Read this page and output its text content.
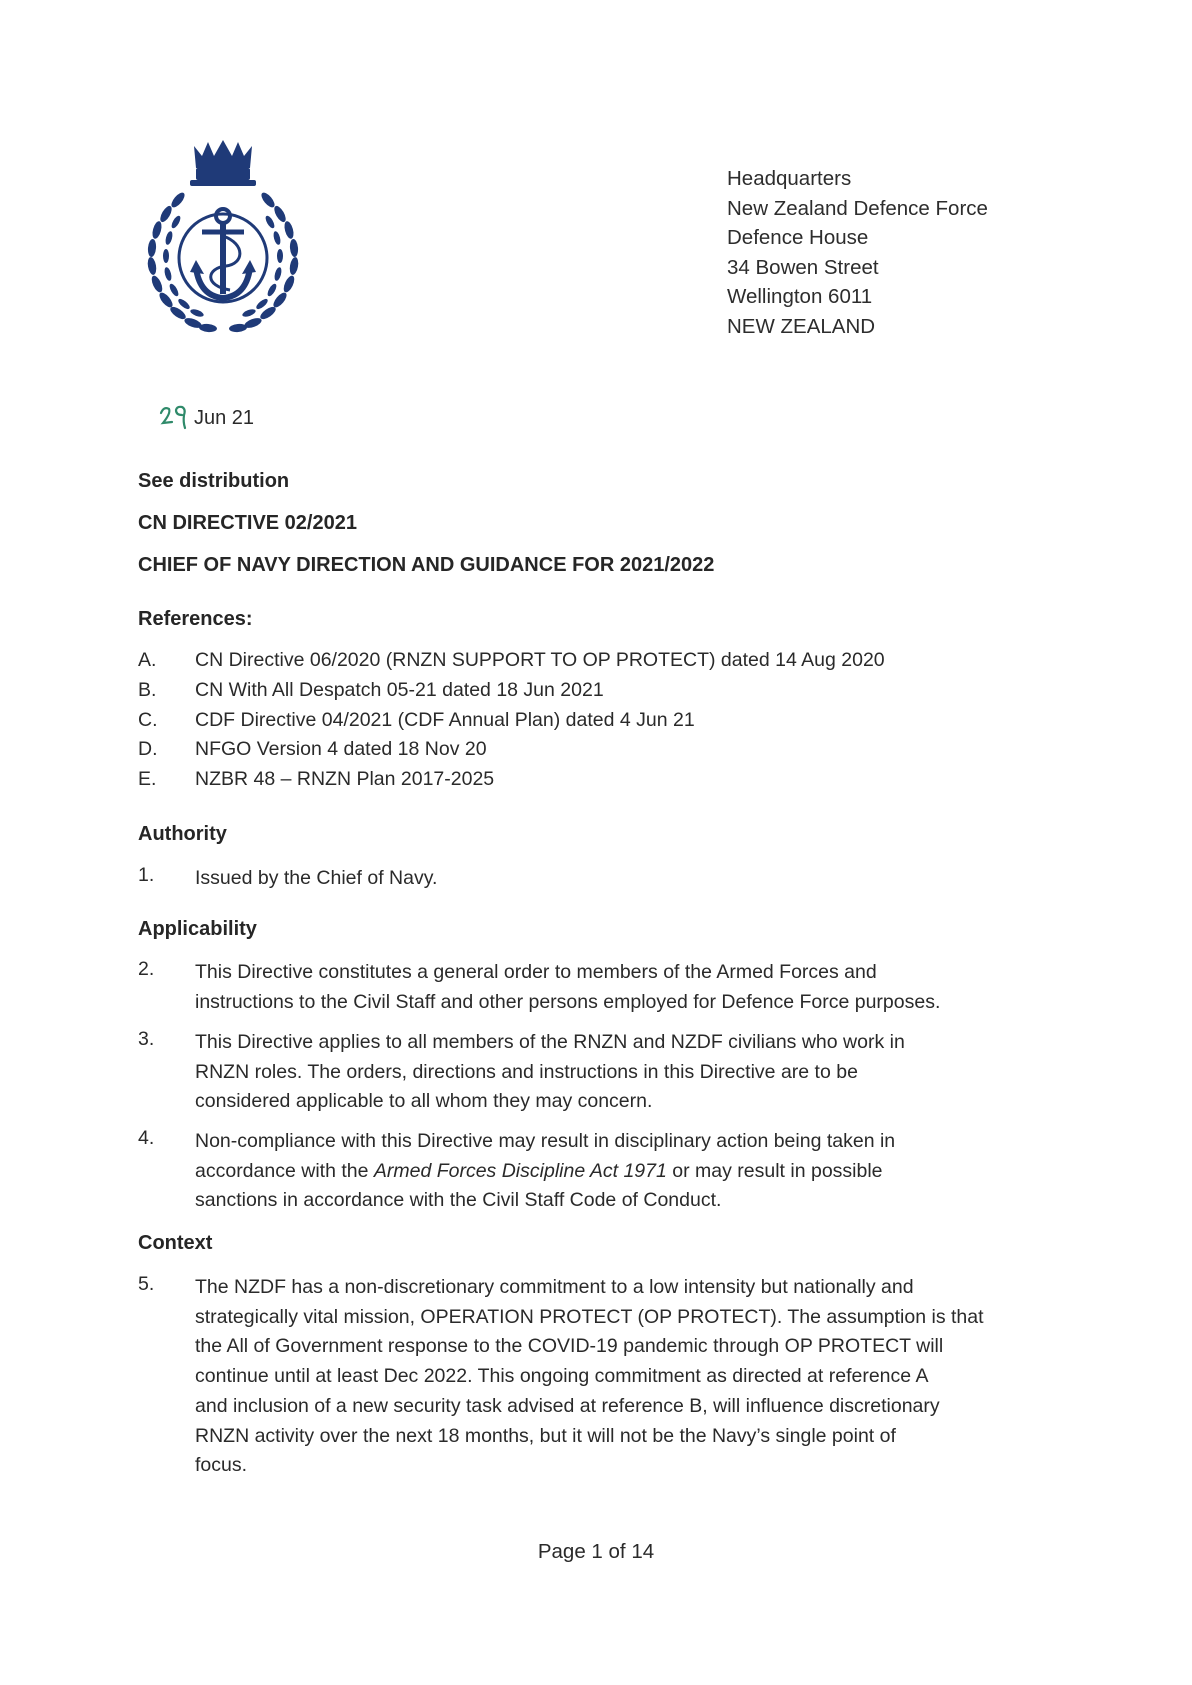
Headquarters
New Zealand Defence Force
Defence House
34 Bowen Street
Wellington 6011
NEW ZEALAND
Jun 21
See distribution
CN DIRECTIVE 02/2021
CHIEF OF NAVY DIRECTION AND GUIDANCE FOR 2021/2022
References:
A. CN Directive 06/2020 (RNZN SUPPORT TO OP PROTECT) dated 14 Aug 2020
B. CN With All Despatch 05-21 dated 18 Jun 2021
C. CDF Directive 04/2021 (CDF Annual Plan) dated 4 Jun 21
D. NFGO Version 4 dated 18 Nov 20
E. NZBR 48 – RNZN Plan 2017-2025
Authority
1. Issued by the Chief of Navy.
Applicability
2. This Directive constitutes a general order to members of the Armed Forces and
instructions to the Civil Staff and other persons employed for Defence Force purposes.
3. This Directive applies to all members of the RNZN and NZDF civilians who work in
RNZN roles. The orders, directions and instructions in this Directive are to be
considered applicable to all whom they may concern.
4. Non-compliance with this Directive may result in disciplinary action being taken in
accordance with the Armed Forces Discipline Act 1971 or may result in possible
sanctions in accordance with the Civil Staff Code of Conduct.
Context
5. The NZDF has a non-discretionary commitment to a low intensity but nationally and
strategically vital mission, OPERATION PROTECT (OP PROTECT). The assumption is that
the All of Government response to the COVID-19 pandemic through OP PROTECT will
continue until at least Dec 2022. This ongoing commitment as directed at reference A
and inclusion of a new security task advised at reference B, will influence discretionary
RNZN activity over the next 18 months, but it will not be the Navy’s single point of
focus.
Page 1 of 14
